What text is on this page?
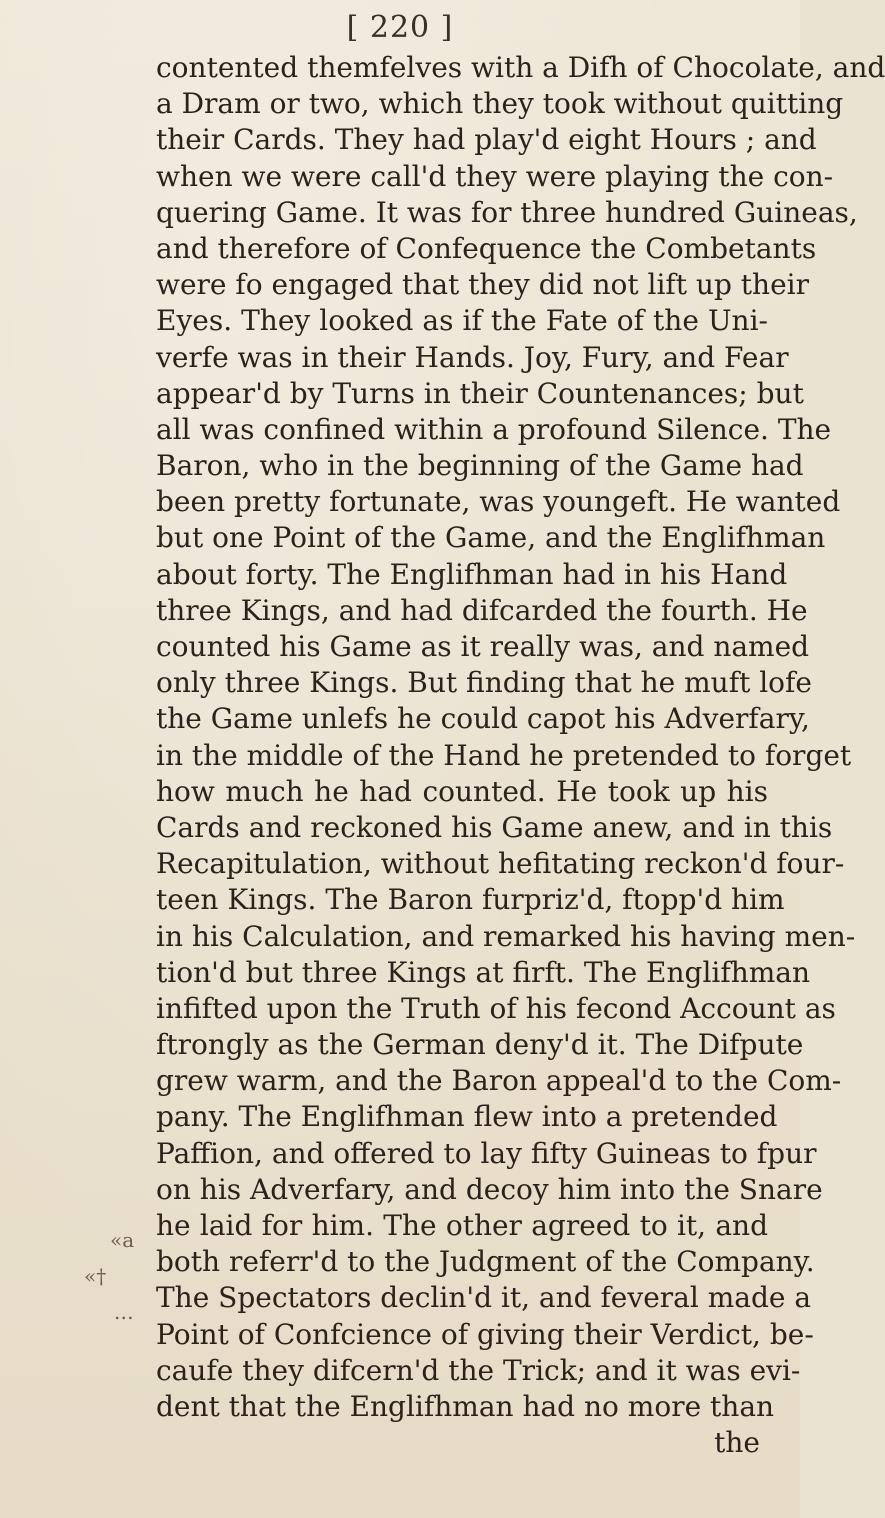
[ 220 ]
contented themfelves with a Difh of Chocolate, and
a Dram or two, which they took without quitting
their Cards. They had play'd eight Hours ; and
when we were call'd they were playing the con-
quering Game. It was for three hundred Guineas,
and therefore of Confequence the Combetants
were fo engaged that they did not lift up their
Eyes. They looked as if the Fate of the Uni-
verfe was in their Hands. Joy, Fury, and Fear
appear'd by Turns in their Countenances; but
all was confined within a profound Silence. The
Baron, who in the beginning of the Game had
been pretty fortunate, was youngeft. He wanted
but one Point of the Game, and the Englifhman
about forty. The Englifhman had in his Hand
three Kings, and had difcarded the fourth. He
counted his Game as it really was, and named
only three Kings. But finding that he muft lofe
the Game unlefs he could capot his Adverfary,
in the middle of the Hand he pretended to forget
how much he had counted. He took up his
Cards and reckoned his Game anew, and in this
Recapitulation, without hefitating reckon'd four-
teen Kings. The Baron furpriz'd, ftopp'd him
in his Calculation, and remarked his having men-
tion'd but three Kings at firft. The Englifhman
infifted upon the Truth of his fecond Account as
ftrongly as the German deny'd it. The Difpute
grew warm, and the Baron appeal'd to the Com-
pany. The Englifhman flew into a pretended
Paffion, and offered to lay fifty Guineas to fpur
on his Adverfary, and decoy him into the Snare
he laid for him. The other agreed to it, and
both referr'd to the Judgment of the Company.
The Spectators declin'd it, and feveral made a
Point of Confcience of giving their Verdict, be-
caufe they difcern'd the Trick; and it was evi-
dent that the Englifhman had no more than
the
«a
«†
.‥
